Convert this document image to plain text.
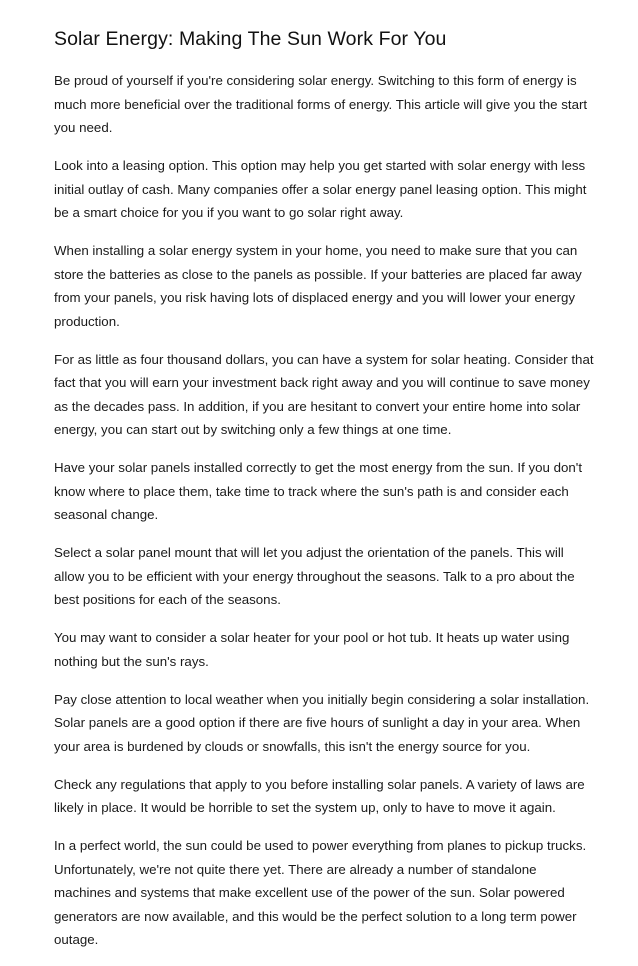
Solar Energy: Making The Sun Work For You

Be proud of yourself if you're considering solar energy. Switching to this form of energy is much more beneficial over the traditional forms of energy. This article will give you the start you need.

Look into a leasing option. This option may help you get started with solar energy with less initial outlay of cash. Many companies offer a solar energy panel leasing option. This might be a smart choice for you if you want to go solar right away.

When installing a solar energy system in your home, you need to make sure that you can store the batteries as close to the panels as possible. If your batteries are placed far away from your panels, you risk having lots of displaced energy and you will lower your energy production.

For as little as four thousand dollars, you can have a system for solar heating. Consider that fact that you will earn your investment back right away and you will continue to save money as the decades pass. In addition, if you are hesitant to convert your entire home into solar energy, you can start out by switching only a few things at one time.

Have your solar panels installed correctly to get the most energy from the sun. If you don't know where to place them, take time to track where the sun's path is and consider each seasonal change.

Select a solar panel mount that will let you adjust the orientation of the panels. This will allow you to be efficient with your energy throughout the seasons. Talk to a pro about the best positions for each of the seasons.

You may want to consider a solar heater for your pool or hot tub. It heats up water using nothing but the sun's rays.

Pay close attention to local weather when you initially begin considering a solar installation. Solar panels are a good option if there are five hours of sunlight a day in your area. When your area is burdened by clouds or snowfalls, this isn't the energy source for you.

Check any regulations that apply to you before installing solar panels. A variety of laws are likely in place. It would be horrible to set the system up, only to have to move it again.

In a perfect world, the sun could be used to power everything from planes to pickup trucks. Unfortunately, we're not quite there yet. There are already a number of standalone machines and systems that make excellent use of the power of the sun. Solar powered generators are now available, and this would be the perfect solution to a long term power outage.
